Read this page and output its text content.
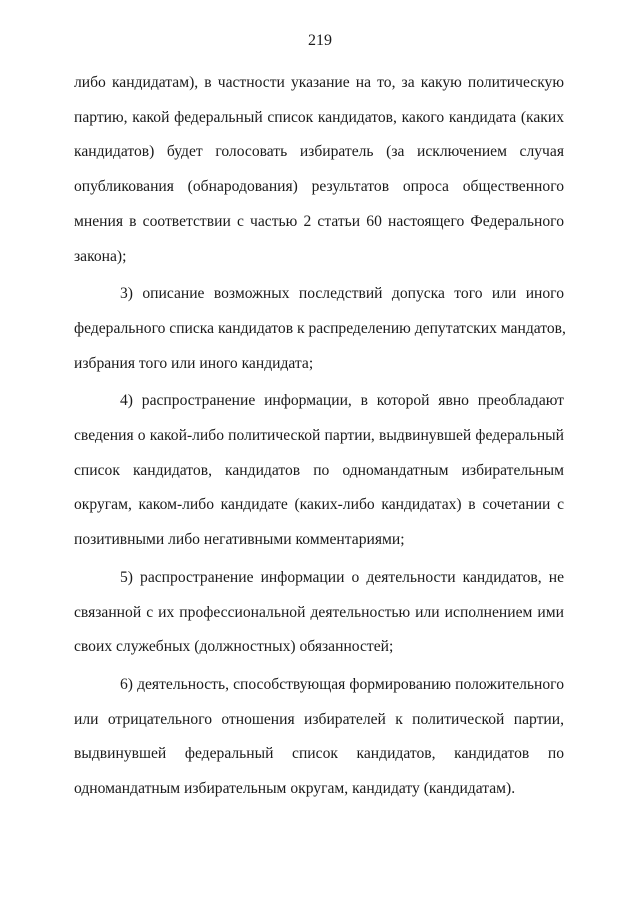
219
либо кандидатам), в частности указание на то, за какую политическую
партию, какой федеральный список кандидатов, какого кандидата (каких
кандидатов) будет голосовать избиратель (за исключением случая
опубликования (обнародования) результатов опроса общественного
мнения в соответствии с частью 2 статьи 60 настоящего Федерального
закона);
3) описание возможных последствий допуска того или иного
федерального списка кандидатов к распределению депутатских мандатов,
избрания того или иного кандидата;
4) распространение информации, в которой явно преобладают
сведения о какой-либо политической партии, выдвинувшей федеральный
список кандидатов, кандидатов по одномандатным избирательным
округам, каком-либо кандидате (каких-либо кандидатах) в сочетании с
позитивными либо негативными комментариями;
5) распространение информации о деятельности кандидатов, не
связанной с их профессиональной деятельностью или исполнением ими
своих служебных (должностных) обязанностей;
6) деятельность, способствующая формированию положительного
или отрицательного отношения избирателей к политической партии,
выдвинувшей федеральный список кандидатов, кандидатов по
одномандатным избирательным округам, кандидату (кандидатам).
